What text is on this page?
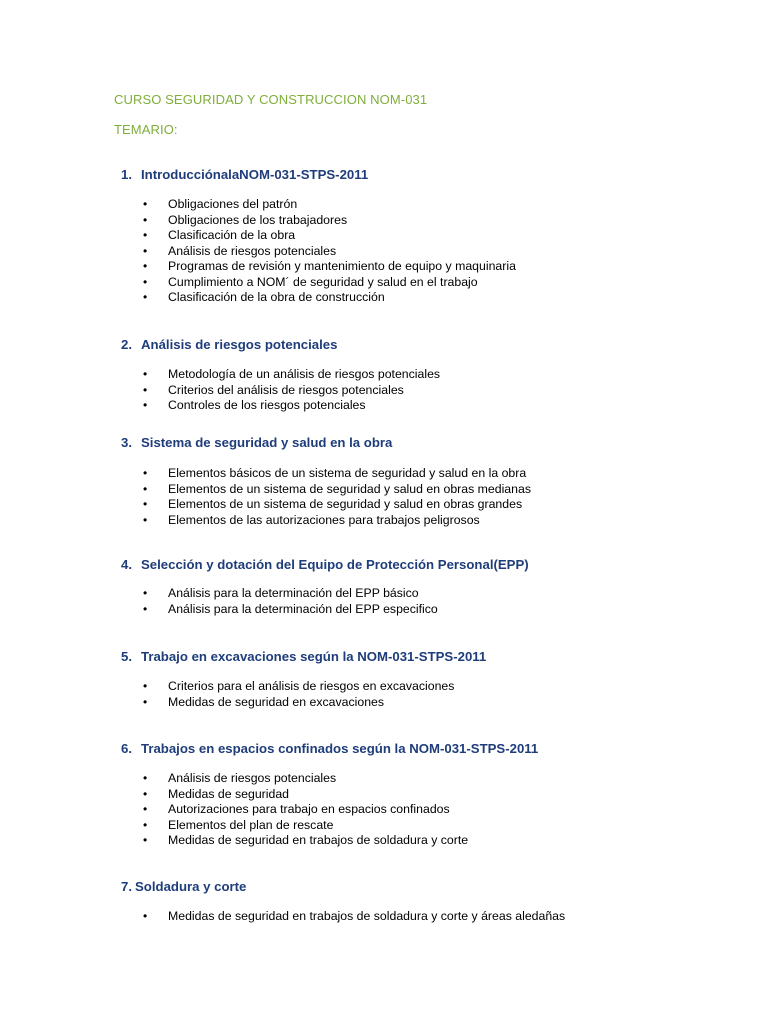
CURSO SEGURIDAD Y CONSTRUCCION NOM-031
TEMARIO:
1. IntroducciónalaNOM-031-STPS-2011
• Obligaciones del patrón
• Obligaciones de los trabajadores
• Clasificación de la obra
• Análisis de riesgos potenciales
• Programas de revisión y mantenimiento de equipo y maquinaria
• Cumplimiento a NOM´ de seguridad y salud en el trabajo
• Clasificación de la obra de construcción
2. Análisis de riesgos potenciales
• Metodología de un análisis de riesgos potenciales
• Criterios del análisis de riesgos potenciales
• Controles de los riesgos potenciales
3. Sistema de seguridad y salud en la obra
• Elementos básicos de un sistema de seguridad y salud en la obra
• Elementos de un sistema de seguridad y salud en obras medianas
• Elementos de un sistema de seguridad y salud en obras grandes
• Elementos de las autorizaciones para trabajos peligrosos
4. Selección y dotación del Equipo de Protección Personal(EPP)
• Análisis para la determinación del EPP básico
• Análisis para la determinación del EPP especifico
5. Trabajo en excavaciones según la NOM-031-STPS-2011
• Criterios para el análisis de riesgos en excavaciones
• Medidas de seguridad en excavaciones
6. Trabajos en espacios confinados según la NOM-031-STPS-2011
• Análisis de riesgos potenciales
• Medidas de seguridad
• Autorizaciones para trabajo en espacios confinados
• Elementos del plan de rescate
• Medidas de seguridad en trabajos de soldadura y corte
7. Soldadura y corte
• Medidas de seguridad en trabajos de soldadura y corte y áreas aledañas
